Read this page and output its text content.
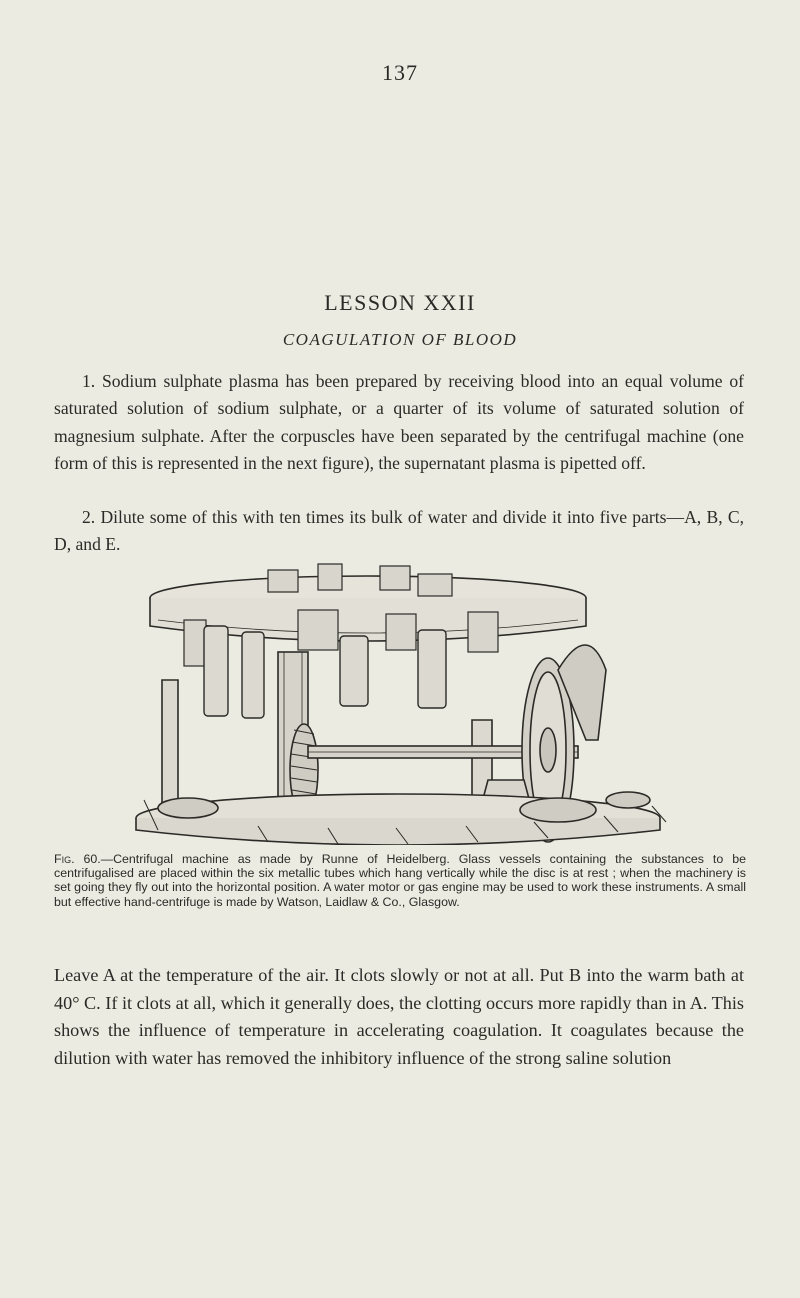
137
LESSON XXII
COAGULATION OF BLOOD
1. Sodium sulphate plasma has been prepared by receiving blood into an equal volume of saturated solution of sodium sulphate, or a quarter of its volume of saturated solution of magnesium sulphate. After the corpuscles have been separated by the centrifugal machine (one form of this is represented in the next figure), the supernatant plasma is pipetted off.
2. Dilute some of this with ten times its bulk of water and divide it into five parts—A, B, C, D, and E.
Fig. 60.—Centrifugal machine as made by Runne of Heidelberg. Glass vessels containing the substances to be centrifugalised are placed within the six metallic tubes which hang vertically while the disc is at rest ; when the machinery is set going they fly out into the horizontal position. A water motor or gas engine may be used to work these instruments. A small but effective hand-centrifuge is made by Watson, Laidlaw & Co., Glasgow.
Leave A at the temperature of the air. It clots slowly or not at all. Put B into the warm bath at 40° C. If it clots at all, which it generally does, the clotting occurs more rapidly than in A. This shows the influence of temperature in accelerating coagulation. It coagulates because the dilution with water has removed the inhibitory influence of the strong saline solution
